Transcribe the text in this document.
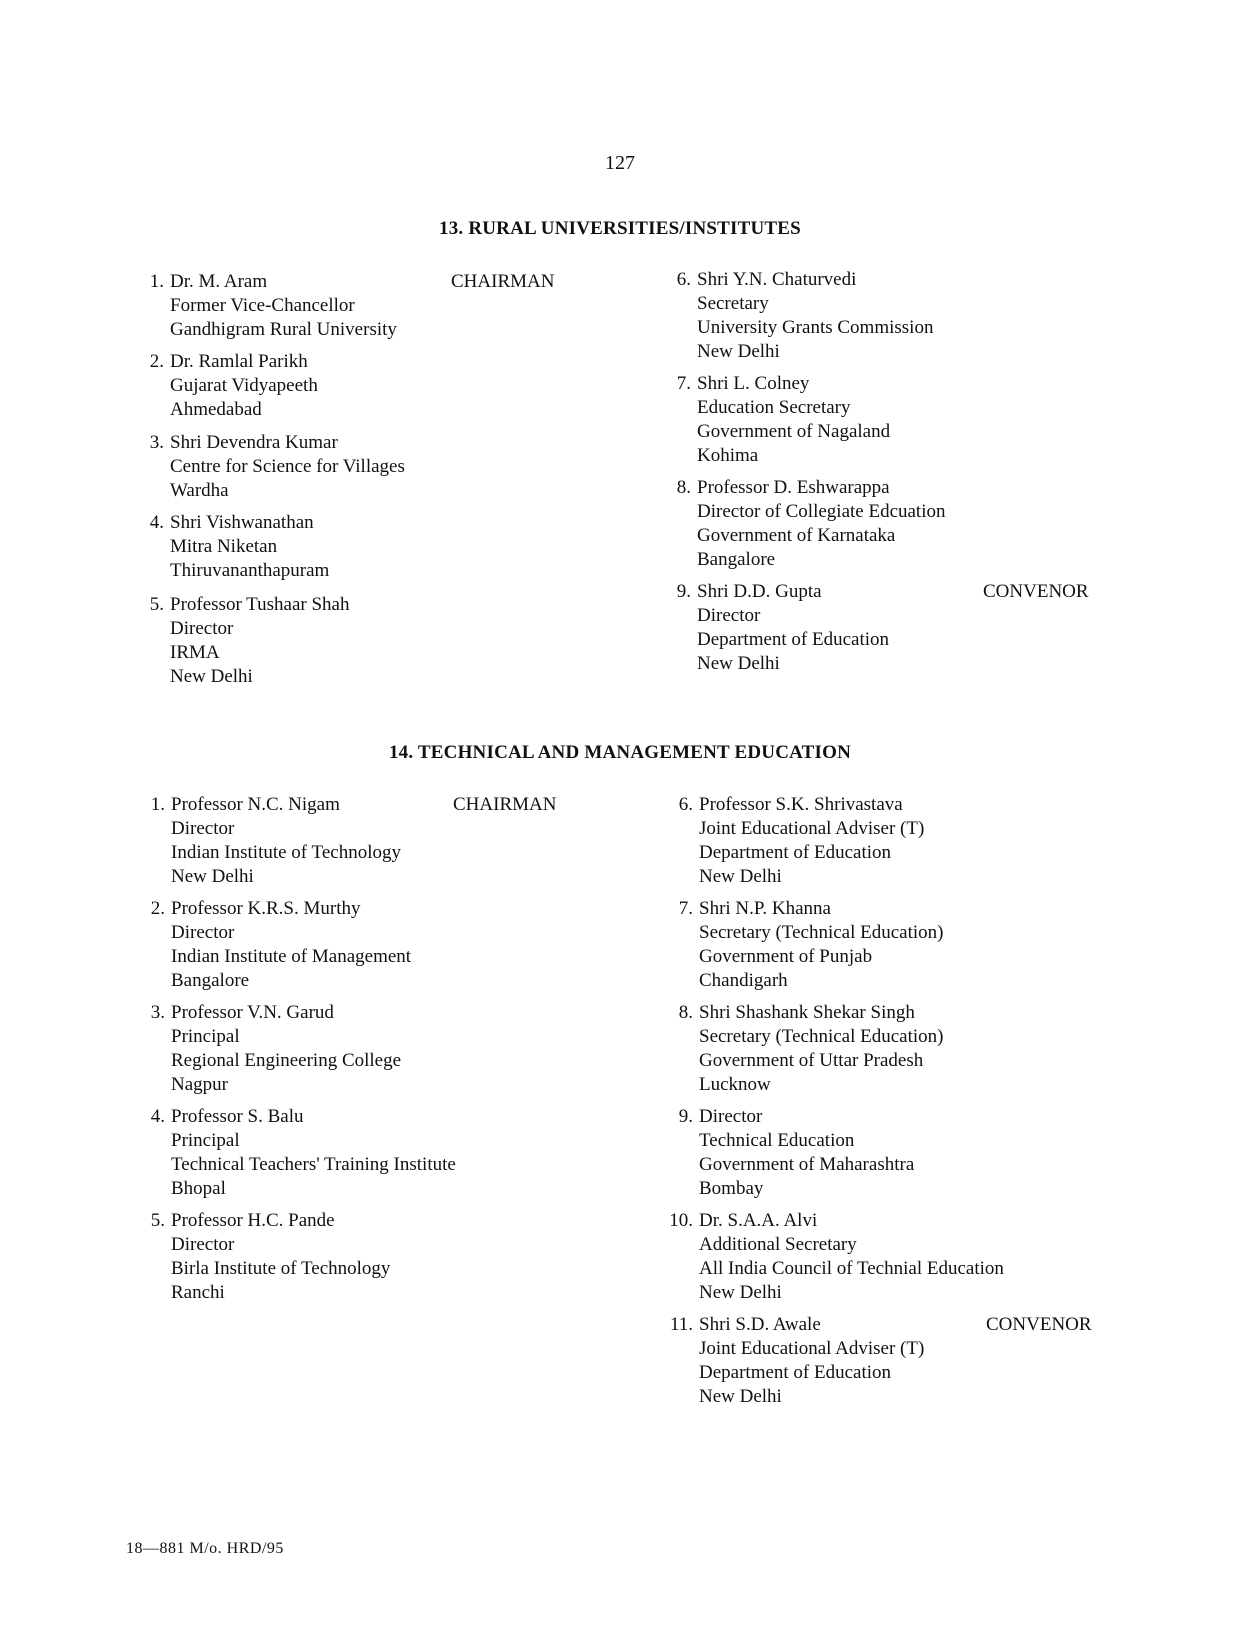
127
13. RURAL UNIVERSITIES/INSTITUTES
1. Dr. M. Aram
Former Vice-Chancellor
Gandhigram Rural University
CHAIRMAN
2. Dr. Ramlal Parikh
Gujarat Vidyapeeth
Ahmedabad
3. Shri Devendra Kumar
Centre for Science for Villages
Wardha
4. Shri Vishwanathan
Mitra Niketan
Thiruvananthapuram
5. Professor Tushaar Shah
Director
IRMA
New Delhi
6. Shri Y.N. Chaturvedi
Secretary
University Grants Commission
New Delhi
7. Shri L. Colney
Education Secretary
Government of Nagaland
Kohima
8. Professor D. Eshwarappa
Director of Collegiate Edcuation
Government of Karnataka
Bangalore
9. Shri D.D. Gupta
Director
Department of Education
New Delhi
CONVENOR
14. TECHNICAL AND MANAGEMENT EDUCATION
1. Professor N.C. Nigam
Director
Indian Institute of Technology
New Delhi
CHAIRMAN
2. Professor K.R.S. Murthy
Director
Indian Institute of Management
Bangalore
3. Professor V.N. Garud
Principal
Regional Engineering College
Nagpur
4. Professor S. Balu
Principal
Technical Teachers' Training Institute
Bhopal
5. Professor H.C. Pande
Director
Birla Institute of Technology
Ranchi
6. Professor S.K. Shrivastava
Joint Educational Adviser (T)
Department of Education
New Delhi
7. Shri N.P. Khanna
Secretary (Technical Education)
Government of Punjab
Chandigarh
8. Shri Shashank Shekar Singh
Secretary (Technical Education)
Government of Uttar Pradesh
Lucknow
9. Director
Technical Education
Government of Maharashtra
Bombay
10. Dr. S.A.A. Alvi
Additional Secretary
All India Council of Technial Education
New Delhi
11. Shri S.D. Awale
Joint Educational Adviser (T)
Department of Education
New Delhi
CONVENOR
18—881 M/o. HRD/95
